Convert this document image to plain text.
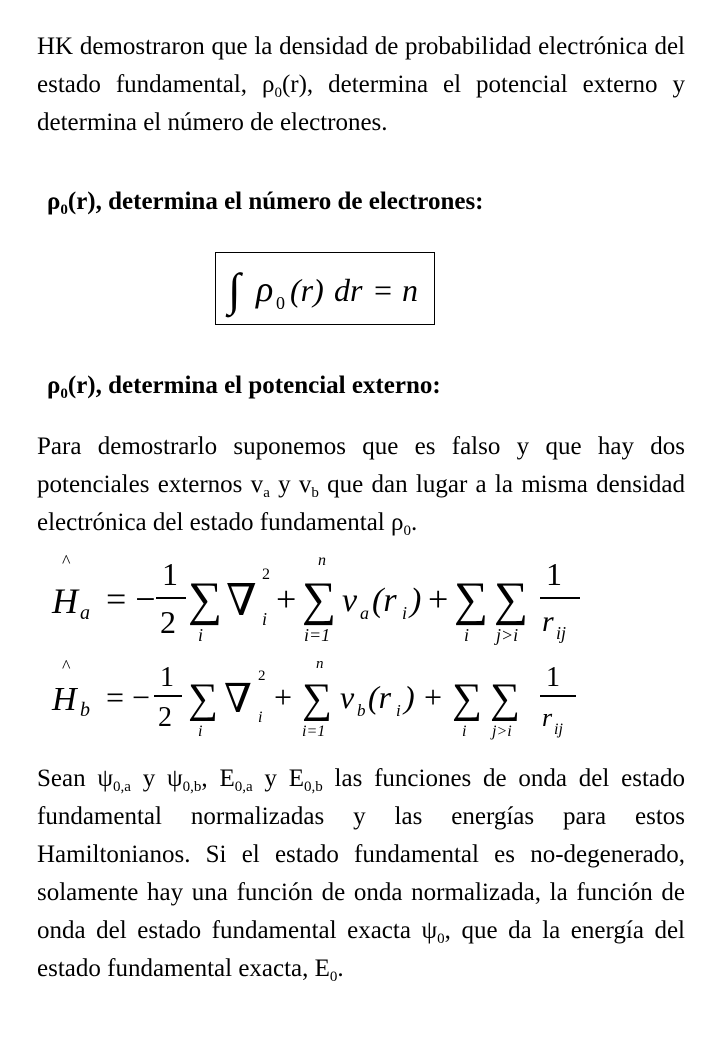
HK demostraron que la densidad de probabilidad electrónica del estado fundamental, $\rho_0(r)$, determina el potencial externo y determina el número de electrones.
$\rho_0(r)$, determina el número de electrones:
∫ ρ 0 (r) dr = n
$\rho_0(r)$, determina el potencial externo:
Para demostrarlo suponemos que es falso y que hay dos potenciales externos $v_a$ y $v_b$ que dan lugar a la misma densidad electrónica del estado fundamental $\rho_0$.
^
H a = −
1
2 ∑
i
∇
2
i +
n
∑
i=1
v a (r i ) + ∑
i
∑
j>i
1
r ij
^
H b = −
1
2 ∑
i
∇ 2
i
+
n
∑
i=1
v b (r i ) + ∑
i
∑
j>i
1
r ij
Sean $\psi_{0,a}$ y $\psi_{0,b}$, $E_{0,a}$ y $E_{0,b}$ las funciones de onda del estado fundamental normalizadas y las energías para estos Hamiltonianos. Si el estado fundamental es no-degenerado, solamente hay una función de onda normalizada, la función de onda del estado fundamental exacta $\psi_0$, que da la energía del estado fundamental exacta, $E_0$.
